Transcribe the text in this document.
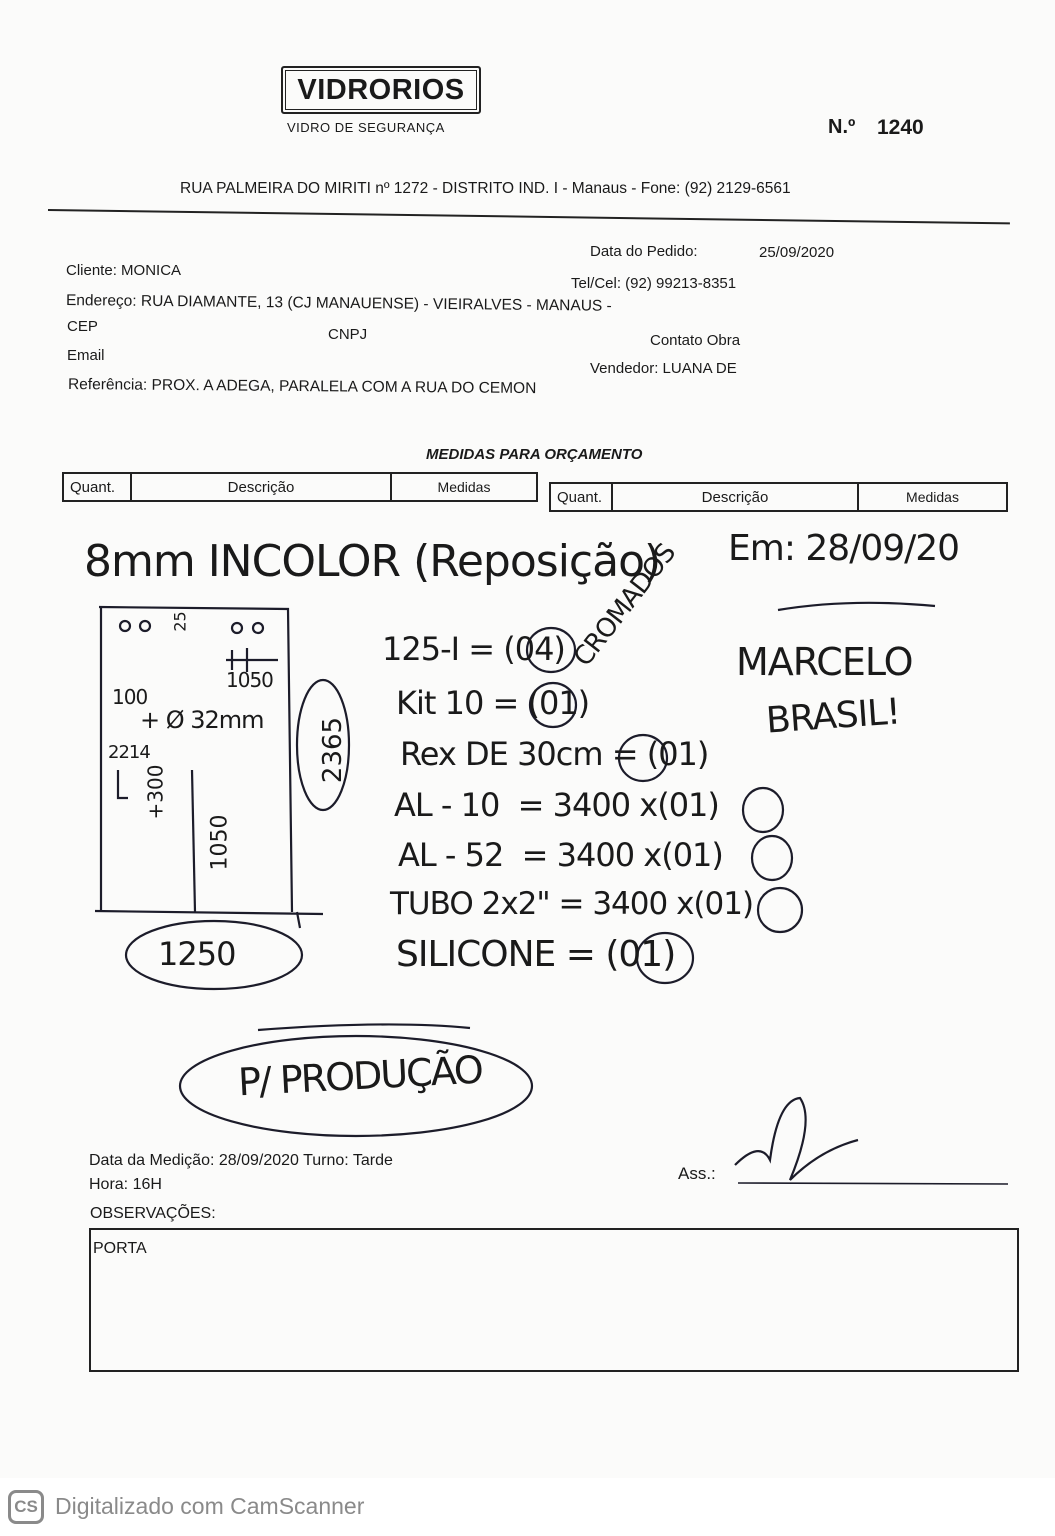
VIDRORIOS
VIDRO DE SEGURANÇA	N.º 1240
RUA PALMEIRA DO MIRITI nº 1272 - DISTRITO IND. I - Manaus - Fone: (92) 2129-6561
Data do Pedido:	25/09/2020
Cliente: MONICA
Tel/Cel: (92) 99213-8351
Endereço: RUA DIAMANTE, 13 (CJ MANAUENSE) - VIEIRALVES - MANAUS -
CEP	CNPJ	Contato Obra
Email
Vendedor: LUANA DE
Referência: PROX. A ADEGA, PARALELA COM A RUA DO CEMON
MEDIDAS PARA ORÇAMENTO
Quant.	Descrição	Medidas
Quant.	Descrição	Medidas
8mm INCOLOR (Reposição) Em: 28/09/20
MARCELO
BRASIL!
CROMADOS
125-I = (04)
Kit 10 = (01)
Rex DE 30cm = (01)
AL - 10  = 3400 x(01)
AL - 52  = 3400 x(01)
TUBO 2x2" = 3400 x(01)
SILICONE = (01)
25
1050
100
+ Ø 32mm
2214
+300
1050
2365
1250
P/ PRODUÇÃO
Data da Medição: 28/09/2020 Turno: Tarde
Hora: 16H
Ass.:
OBSERVAÇÕES:
PORTA
CS Digitalizado com CamScanner
